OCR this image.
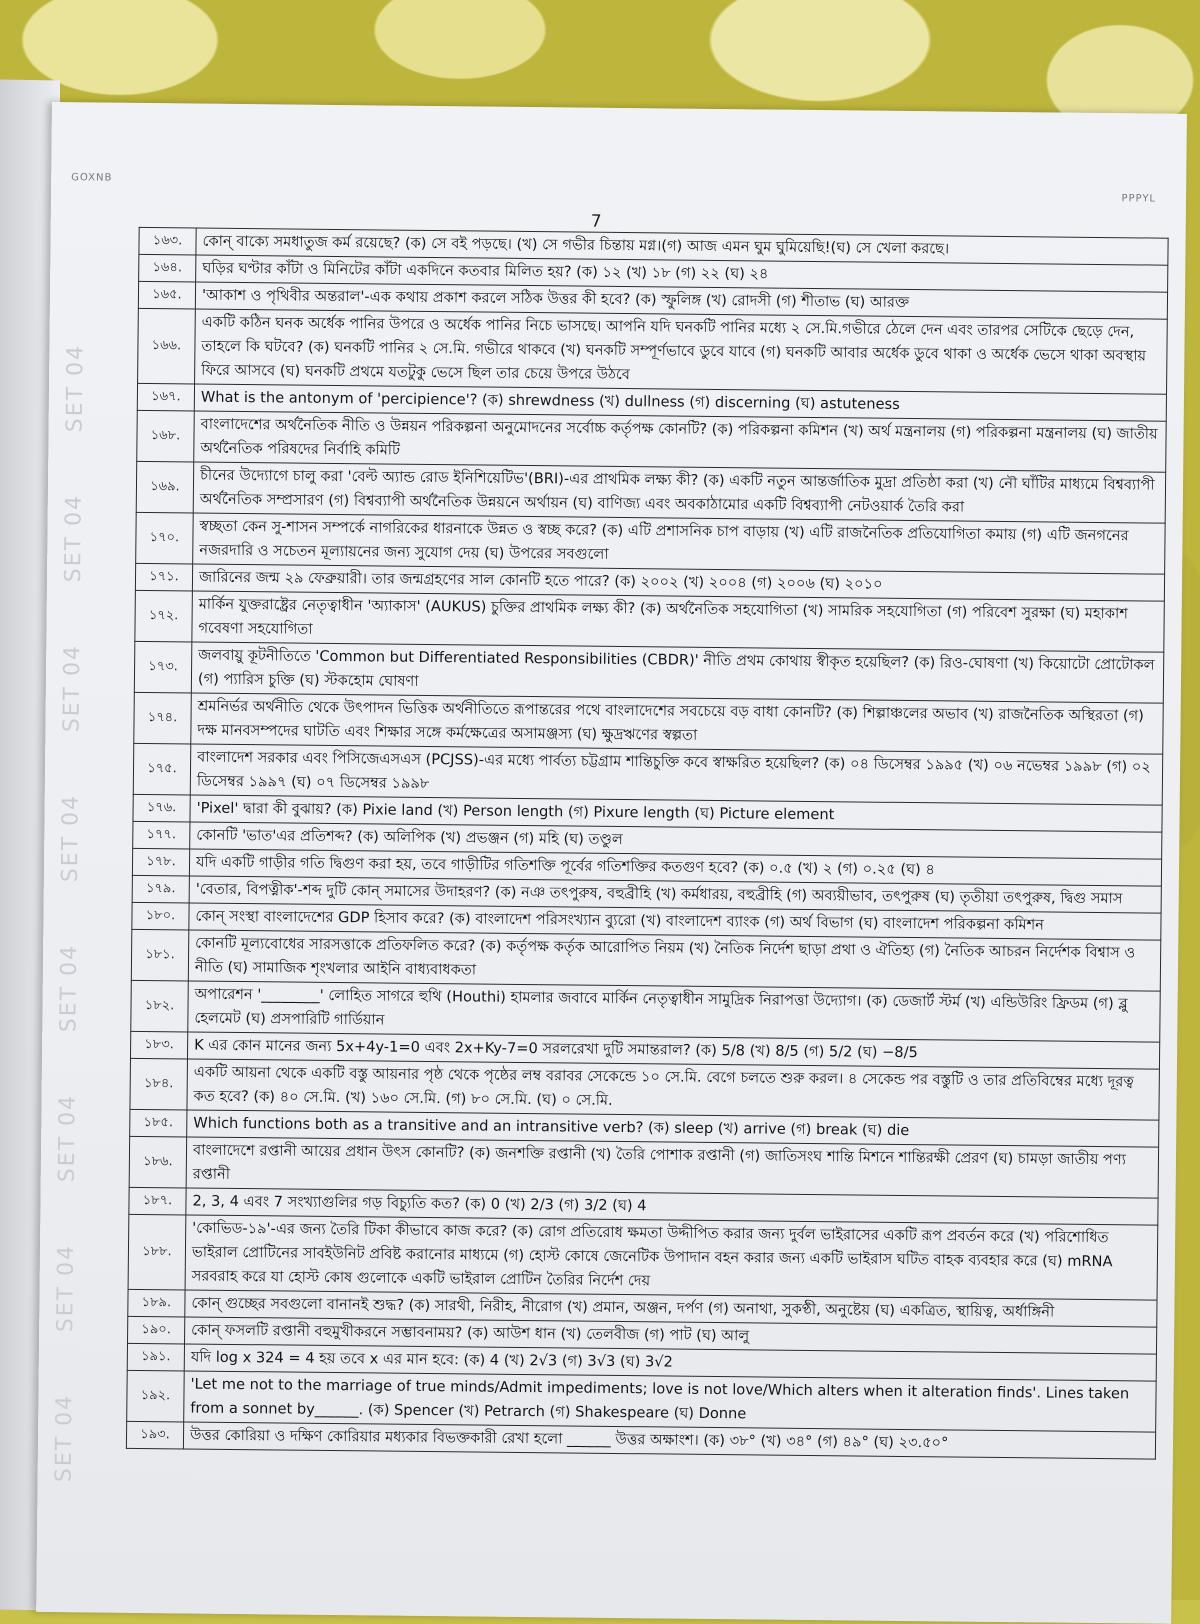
GOXNB
PPPYL
7
SET 04
SET 04
SET 04
SET 04
SET 04
SET 04
SET 04
SET 04
১৬৩.	কোন্ বাক্যে সমধাতুজ কর্ম রয়েছে? (ক) সে বই পড়ছে। (খ) সে গভীর চিন্তায় মগ্ন।(গ) আজ এমন ঘুম ঘুমিয়েছি!(ঘ) সে খেলা করছে।
১৬৪.	ঘড়ির ঘণ্টার কাঁটা ও মিনিটের কাঁটা একদিনে কতবার মিলিত হয়? (ক) ১২ (খ) ১৮ (গ) ২২ (ঘ) ২৪
১৬৫.	'আকাশ ও পৃথিবীর অন্তরাল'-এক কথায় প্রকাশ করলে সঠিক উত্তর কী হবে? (ক) স্ফুলিঙ্গ (খ) রোদসী (গ) শীতাভ (ঘ) আরক্ত
১৬৬.	একটি কঠিন ঘনক অর্ধেক পানির উপরে ও অর্ধেক পানির নিচে ভাসছে। আপনি যদি ঘনকটি পানির মধ্যে ২ সে.মি.গভীরে ঠেলে দেন এবং তারপর সেটিকে ছেড়ে দেন, তাহলে কি ঘটবে? (ক) ঘনকটি পানির ২ সে.মি. গভীরে থাকবে (খ) ঘনকটি সম্পূর্ণভাবে ডুবে যাবে (গ) ঘনকটি আবার অর্ধেক ডুবে থাকা ও অর্ধেক ভেসে থাকা অবস্থায় ফিরে আসবে (ঘ) ঘনকটি প্রথমে যতটুকু ভেসে ছিল তার চেয়ে উপরে উঠবে
১৬৭.	What is the antonym of 'percipience'? (ক) shrewdness (খ) dullness (গ) discerning (ঘ) astuteness
১৬৮.	বাংলাদেশের অর্থনৈতিক নীতি ও উন্নয়ন পরিকল্পনা অনুমোদনের সর্বোচ্চ কর্তৃপক্ষ কোনটি? (ক) পরিকল্পনা কমিশন (খ) অর্থ মন্ত্রনালয় (গ) পরিকল্পনা মন্ত্রনালয় (ঘ) জাতীয় অর্থনৈতিক পরিষদের নির্বাহি কমিটি
১৬৯.	চীনের উদ্যোগে চালু করা 'বেল্ট অ্যান্ড রোড ইনিশিয়েটিভ'(BRI)-এর প্রাথমিক লক্ষ্য কী? (ক) একটি নতুন আন্তর্জাতিক মুদ্রা প্রতিষ্ঠা করা (খ) নৌ ঘাঁটির মাধ্যমে বিশ্বব্যাপী অর্থনৈতিক সম্প্রসারণ (গ) বিশ্বব্যাপী অর্থনৈতিক উন্নয়নে অর্থায়ন (ঘ) বাণিজ্য এবং অবকাঠামোর একটি বিশ্বব্যাপী নেটওয়ার্ক তৈরি করা
১৭০.	স্বচ্ছতা কেন সু-শাসন সম্পর্কে নাগরিকের ধারনাকে উন্নত ও স্বচ্ছ করে? (ক) এটি প্রশাসনিক চাপ বাড়ায় (খ) এটি রাজনৈতিক প্রতিযোগিতা কমায় (গ) এটি জনগনের নজরদারি ও সচেতন মূল্যায়নের জন্য সুযোগ দেয় (ঘ) উপরের সবগুলো
১৭১.	জারিনের জন্ম ২৯ ফেব্রুয়ারী। তার জন্মগ্রহণের সাল কোনটি হতে পারে? (ক) ২০০২ (খ) ২০০৪ (গ) ২০০৬ (ঘ) ২০১০
১৭২.	মার্কিন যুক্তরাষ্ট্রের নেতৃত্বাধীন 'অ্যাকাস' (AUKUS) চুক্তির প্রাথমিক লক্ষ্য কী? (ক) অর্থনৈতিক সহযোগিতা (খ) সামরিক সহযোগিতা (গ) পরিবেশ সুরক্ষা (ঘ) মহাকাশ গবেষণা সহযোগিতা
১৭৩.	জলবায়ু কূটনীতিতে 'Common but Differentiated Responsibilities (CBDR)' নীতি প্রথম কোথায় স্বীকৃত হয়েছিল? (ক) রিও-ঘোষণা (খ) কিয়োটো প্রোটোকল (গ) প্যারিস চুক্তি (ঘ) স্টকহোম ঘোষণা
১৭৪.	শ্রমনির্ভর অর্থনীতি থেকে উৎপাদন ভিত্তিক অর্থনীতিতে রূপান্তরের পথে বাংলাদেশের সবচেয়ে বড় বাধা কোনটি? (ক) শিল্পাঞ্চলের অভাব (খ) রাজনৈতিক অস্থিরতা (গ) দক্ষ মানবসম্পদের ঘাটতি এবং শিক্ষার সঙ্গে কর্মক্ষেত্রের অসামঞ্জস্য (ঘ) ক্ষুদ্রঋণের স্বল্পতা
১৭৫.	বাংলাদেশ সরকার এবং পিসিজেএসএস (PCJSS)-এর মধ্যে পার্বত্য চট্টগ্রাম শান্তিচুক্তি কবে স্বাক্ষরিত হয়েছিল? (ক) ০৪ ডিসেম্বর ১৯৯৫ (খ) ০৬ নভেম্বর ১৯৯৮ (গ) ০২ ডিসেম্বর ১৯৯৭ (ঘ) ০৭ ডিসেম্বর ১৯৯৮
১৭৬.	'Pixel' দ্বারা কী বুঝায়? (ক) Pixie land (খ) Person length (গ) Pixure length (ঘ) Picture element
১৭৭.	কোনটি 'ভাত'এর প্রতিশব্দ? (ক) অলিপিক (খ) প্রভঞ্জন (গ) মহি (ঘ) তণ্ডুল
১৭৮.	যদি একটি গাড়ীর গতি দ্বিগুণ করা হয়, তবে গাড়ীটির গতিশক্তি পূর্বের গতিশক্তির কতগুণ হবে? (ক) ০.৫ (খ) ২ (গ) ০.২৫ (ঘ) ৪
১৭৯.	'বেতার, বিপত্নীক'-শব্দ দুটি কোন্ সমাসের উদাহরণ? (ক) নঞ তৎপুরুষ, বহুব্রীহি (খ) কর্মধারয়, বহুব্রীহি (গ) অব্যয়ীভাব, তৎপুরুষ (ঘ) তৃতীয়া তৎপুরুষ, দ্বিগু সমাস
১৮০.	কোন্ সংস্থা বাংলাদেশের GDP হিসাব করে? (ক) বাংলাদেশ পরিসংখ্যান ব্যুরো (খ) বাংলাদেশ ব্যাংক (গ) অর্থ বিভাগ (ঘ) বাংলাদেশ পরিকল্পনা কমিশন
১৮১.	কোনটি মূল্যবোধের সারসত্তাকে প্রতিফলিত করে? (ক) কর্তৃপক্ষ কর্তৃক আরোপিত নিয়ম (খ) নৈতিক নির্দেশ ছাড়া প্রথা ও ঐতিহ্য (গ) নৈতিক আচরন নির্দেশক বিশ্বাস ও নীতি (ঘ) সামাজিক শৃংখলার আইনি বাধ্যবাধকতা
১৮২.	অপারেশন '________' লোহিত সাগরে হুথি (Houthi) হামলার জবাবে মার্কিন নেতৃত্বাধীন সামুদ্রিক নিরাপত্তা উদ্যোগ। (ক) ডেজার্ট স্টর্ম (খ) এন্ডিউরিং ফ্রিডম (গ) ব্লু হেলমেট (ঘ) প্রসপারিটি গার্ডিয়ান
১৮৩.	K এর কোন মানের জন্য 5x+4y-1=0 এবং 2x+Ky-7=0 সরলরেখা দুটি সমান্তরাল? (ক) 5/8 (খ) 8/5 (গ) 5/2 (ঘ) −8/5
১৮৪.	একটি আয়না থেকে একটি বস্তু আয়নার পৃষ্ঠ থেকে পৃষ্ঠের লম্ব বরাবর সেকেন্ডে ১০ সে.মি. বেগে চলতে শুরু করল। ৪ সেকেন্ড পর বস্তুটি ও তার প্রতিবিম্বের মধ্যে দূরত্ব কত হবে? (ক) ৪০ সে.মি. (খ) ১৬০ সে.মি. (গ) ৮০ সে.মি. (ঘ) ০ সে.মি.
১৮৫.	Which functions both as a transitive and an intransitive verb? (ক) sleep (খ) arrive (গ) break (ঘ) die
১৮৬.	বাংলাদেশে রপ্তানী আয়ের প্রধান উৎস কোনটি? (ক) জনশক্তি রপ্তানী (খ) তৈরি পোশাক রপ্তানী (গ) জাতিসংঘ শান্তি মিশনে শান্তিরক্ষী প্রেরণ (ঘ) চামড়া জাতীয় পণ্য রপ্তানী
১৮৭.	2, 3, 4 এবং 7 সংখ্যাগুলির গড় বিচ্যুতি কত? (ক) 0 (খ) 2/3 (গ) 3/2 (ঘ) 4
১৮৮.	'কোভিড-১৯'-এর জন্য তৈরি টিকা কীভাবে কাজ করে? (ক) রোগ প্রতিরোধ ক্ষমতা উদ্দীপিত করার জন্য দুর্বল ভাইরাসের একটি রূপ প্রবর্তন করে (খ) পরিশোধিত ভাইরাল প্রোটিনের সাবইউনিট প্রবিষ্ট করানোর মাধ্যমে (গ) হোস্ট কোষে জেনেটিক উপাদান বহন করার জন্য একটি ভাইরাস ঘটিত বাহক ব্যবহার করে (ঘ) mRNA সরবরাহ করে যা হোস্ট কোষ গুলোকে একটি ভাইরাল প্রোটিন তৈরির নির্দেশ দেয়
১৮৯.	কোন্ গুচ্ছের সবগুলো বানানই শুদ্ধ? (ক) সারথী, নিরীহ, নীরোগ (খ) প্রমান, অঞ্জন, দর্পণ (গ) অনাথা, সুকণ্ঠী, অনুষ্টেয় (ঘ) একত্রিত, স্থায়িত্ব, অর্ধাঙ্গিনী
১৯০.	কোন্ ফসলটি রপ্তানী বহুমুখীকরনে সম্ভাবনাময়? (ক) আউশ ধান (খ) তেলবীজ (গ) পাট (ঘ) আলু
১৯১.	যদি log x 324 = 4 হয় তবে x এর মান হবে: (ক) 4 (খ) 2√3 (গ) 3√3 (ঘ) 3√2
১৯২.	'Let me not to the marriage of true minds/Admit impediments; love is not love/Which alters when it alteration finds'. Lines taken from a sonnet by______. (ক) Spencer (খ) Petrarch (গ) Shakespeare (ঘ) Donne
১৯৩.	উত্তর কোরিয়া ও দক্ষিণ কোরিয়ার মধ্যকার বিভক্তকারী রেখা হলো ______ উত্তর অক্ষাংশ। (ক) ৩৮° (খ) ৩৪° (গ) ৪৯° (ঘ) ২৩.৫০°
